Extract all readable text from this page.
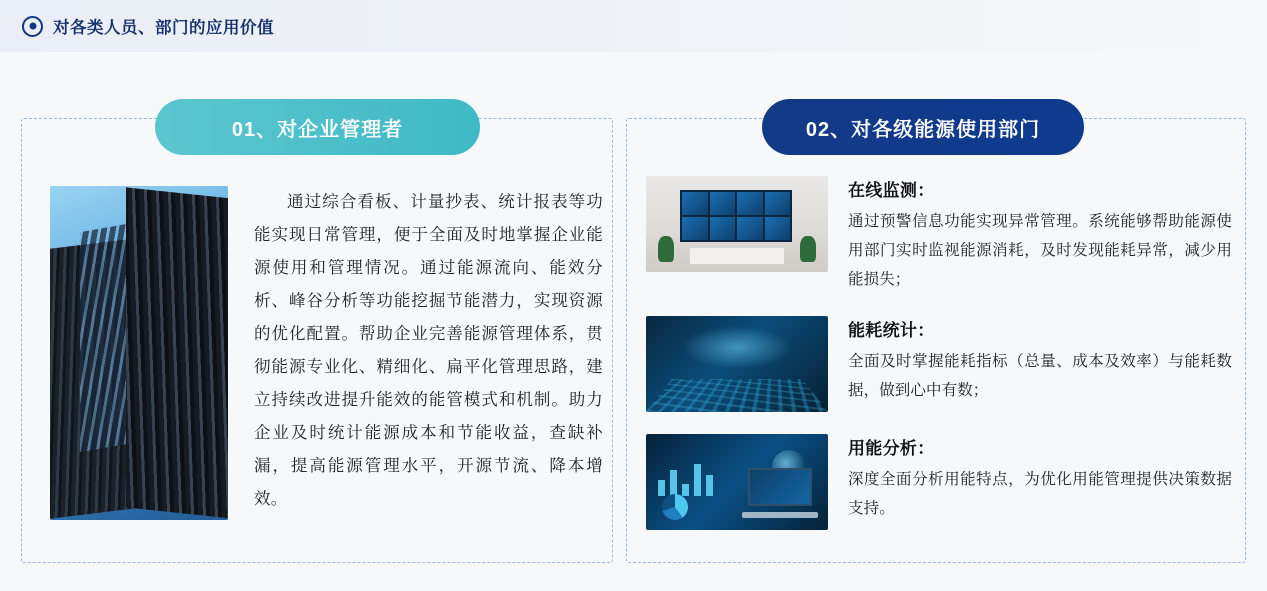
对各类人员、部门的应用价值
01、对企业管理者
通过综合看板、计量抄表、统计报表等功能实现日常管理，便于全面及时地掌握企业能源使用和管理情况。通过能源流向、能效分析、峰谷分析等功能挖掘节能潜力，实现资源的优化配置。帮助企业完善能源管理体系，贯彻能源专业化、精细化、扁平化管理思路，建立持续改进提升能效的能管模式和机制。助力企业及时统计能源成本和节能收益，查缺补漏，提高能源管理水平，开源节流、降本增效。
02、对各级能源使用部门
在线监测：
通过预警信息功能实现异常管理。系统能够帮助能源使用部门实时监视能源消耗，及时发现能耗异常，减少用能损失；
能耗统计：
全面及时掌握能耗指标（总量、成本及效率）与能耗数据，做到心中有数；
用能分析：
深度全面分析用能特点，为优化用能管理提供决策数据支持。
